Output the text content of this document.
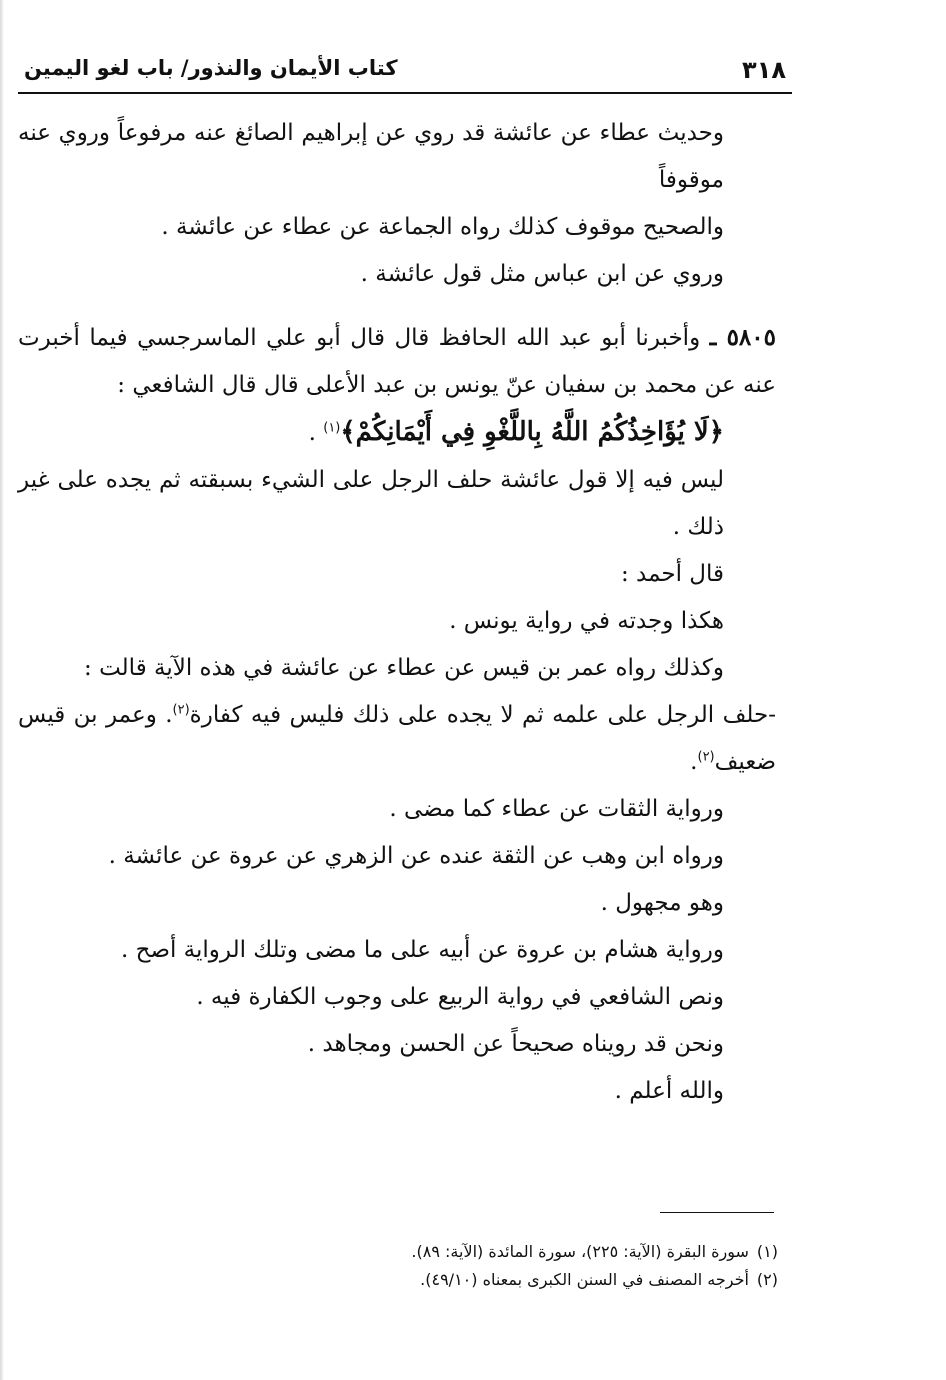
٣١٨
كتاب الأيمان والنذور/ باب لغو اليمين

وحديث عطاء عن عائشة قد روي عن إبراهيم الصائغ عنه مرفوعاً وروي عنه موقوفاً

والصحيح موقوف كذلك رواه الجماعة عن عطاء عن عائشة .

وروي عن ابن عباس مثل قول عائشة .

٥٨٠٥ ـ وأخبرنا أبو عبد الله الحافظ قال قال أبو علي الماسرجسي فيما أخبرت عنه عن محمد بن سفيان عنّ يونس بن عبد الأعلى قال قال الشافعي :

﴿لَا يُؤَاخِذُكُمُ اللَّهُ بِاللَّغْوِ فِي أَيْمَانِكُمْ﴾$^{(١)}$ .

ليس فيه إلا قول عائشة حلف الرجل على الشيء بسبقته ثم يجده على غير ذلك .

قال أحمد :

هكذا وجدته في رواية يونس .

وكذلك رواه عمر بن قيس عن عطاء عن عائشة في هذه الآية قالت :

-حلف الرجل على علمه ثم لا يجده على ذلك فليس فيه كفارة$^{(٢)}$. وعمر بن قيس ضعيف$^{(٢)}$.

ورواية الثقات عن عطاء كما مضى .

ورواه ابن وهب عن الثقة عنده عن الزهري عن عروة عن عائشة .

وهو مجهول .

ورواية هشام بن عروة عن أبيه على ما مضى وتلك الرواية أصح .

ونص الشافعي في رواية الربيع على وجوب الكفارة فيه .

ونحن قد رويناه صحيحاً عن الحسن ومجاهد .

والله أعلم .

(١)سورة البقرة (الآية: ٢٢٥)، سورة المائدة (الآية: ٨٩).

(٢)أخرجه المصنف في السنن الكبرى بمعناه (٤٩/١٠).
